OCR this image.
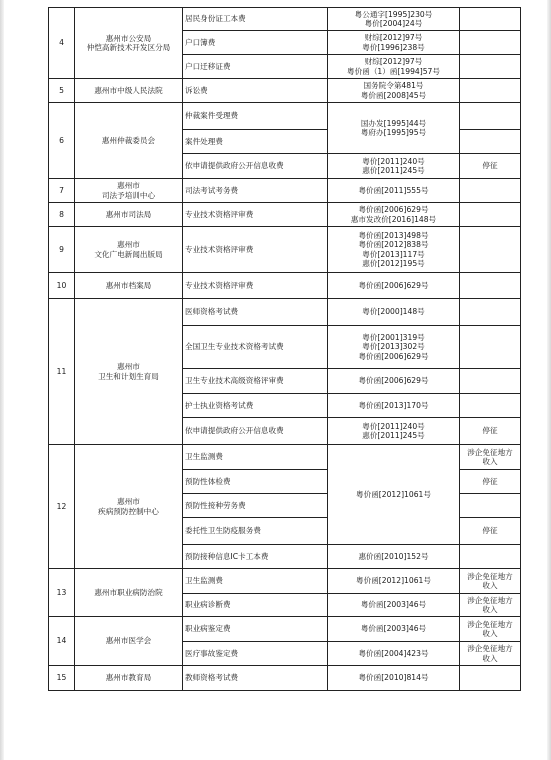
4	惠州市公安局
仲恺高新技术开发区分局	居民身份证工本费	粤公通字[1995]230号
粤价[2004]24号	

		户口簿费	财综[2012]97号
粤价[1996]238号	

		户口迁移证费	财综[2012]97号
粤价函（1）函[1994]57号	

5	惠州市中级人民法院	诉讼费	国务院令第481号
粤价函[2008]45号	

6	惠州仲裁委员会	仲裁案件受理费	国办发[1995]44号
粤府办[1995]95号	

		案件处理费		
		依申请提供政府公开信息收费	粤价[2011]240号
惠价[2011]245号	停征

7	惠州市
司法予培训中心	司法考试考务费	粤价函[2011]555号	

8	惠州市司法局	专业技术资格评审费	粤价函[2006]629号
惠市发改价[2016]148号	

9	惠州市
文化广电新闻出版局	专业技术资格评审费	粤价函[2013]498号
粤价函[2012]838号
粤价[2013]117号
惠价[2012]195号	

10	惠州市档案局	专业技术资格评审费	粤价函[2006]629号	

11	惠州市
卫生和计划生育局	医师资格考试费	粤价[2000]148号	

		全国卫生专业技术资格考试费	粤价[2001]319号
粤价[2013]302号
粤价函[2006]629号	

		卫生专业技术高级资格评审费	粤价函[2006]629号	

		护士执业资格考试费	粤价函[2013]170号	

		依申请提供政府公开信息收费	粤价[2011]240号
惠价[2011]245号	停征

12	惠州市
疾病预防控制中心	卫生监测费	粤价函[2012]1061号	涉企免征地方
收入

		预防性体检费		停征

		预防性接种劳务费		
		委托性卫生防疫服务费		停征

		预防接种信息IC卡工本费	惠价函[2010]152号	

13	惠州市职业病防治院	卫生监测费	粤价函[2012]1061号	涉企免征地方
收入

		职业病诊断费	粤价函[2003]46号	涉企免征地方
收入

14	惠州市医学会	职业病鉴定费	粤价函[2003]46号	涉企免征地方
收入

		医疗事故鉴定费	粤价函[2004]423号	涉企免征地方
收入

15	惠州市教育局	教师资格考试费	粤价函[2010]814号	
